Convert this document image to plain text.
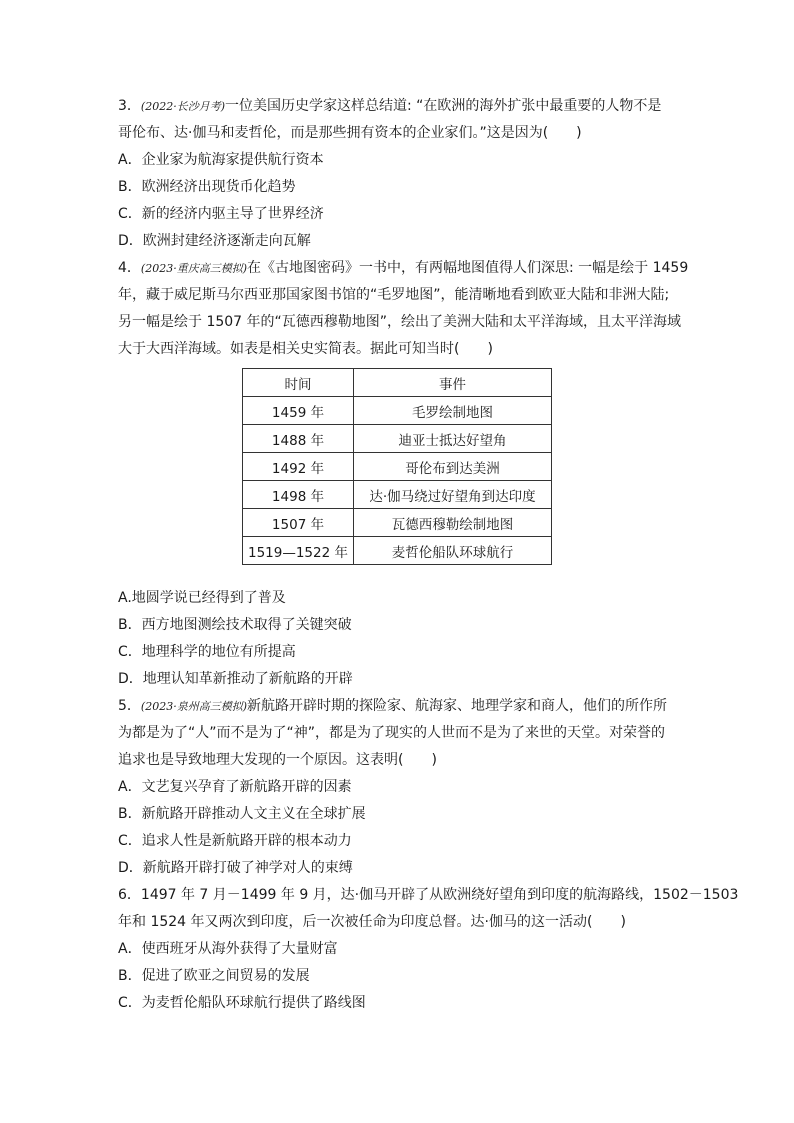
3．(2022·长沙月考)一位美国历史学家这样总结道: “在欧洲的海外扩张中最重要的人物不是
哥伦布、达·伽马和麦哲伦，而是那些拥有资本的企业家们。”这是因为(　　)
A．企业家为航海家提供航行资本
B．欧洲经济出现货币化趋势
C．新的经济内驱主导了世界经济
D．欧洲封建经济逐渐走向瓦解
4．(2023·重庆高三模拟)在《古地图密码》一书中，有两幅地图值得人们深思: 一幅是绘于 1459
年，藏于威尼斯马尔西亚那国家图书馆的“毛罗地图”，能清晰地看到欧亚大陆和非洲大陆;
另一幅是绘于 1507 年的“瓦德西穆勒地图”，绘出了美洲大陆和太平洋海域，且太平洋海域
大于大西洋海域。如表是相关史实简表。据此可知当时(　　)
时间	事件
1459 年	毛罗绘制地图
1488 年	迪亚士抵达好望角
1492 年	哥伦布到达美洲
1498 年	达·伽马绕过好望角到达印度
1507 年	瓦德西穆勒绘制地图
1519—1522 年	麦哲伦船队环球航行
A.地圆学说已经得到了普及
B．西方地图测绘技术取得了关键突破
C．地理科学的地位有所提高
D．地理认知革新推动了新航路的开辟
5．(2023·泉州高三模拟)新航路开辟时期的探险家、航海家、地理学家和商人，他们的所作所
为都是为了“人”而不是为了“神”，都是为了现实的人世而不是为了来世的天堂。对荣誉的
追求也是导致地理大发现的一个原因。这表明(　　)
A．文艺复兴孕育了新航路开辟的因素
B．新航路开辟推动人文主义在全球扩展
C．追求人性是新航路开辟的根本动力
D．新航路开辟打破了神学对人的束缚
6．1497 年 7 月－1499 年 9 月，达·伽马开辟了从欧洲绕好望角到印度的航海路线，1502－1503
年和 1524 年又两次到印度，后一次被任命为印度总督。达·伽马的这一活动(　　)
A．使西班牙从海外获得了大量财富
B．促进了欧亚之间贸易的发展
C．为麦哲伦船队环球航行提供了路线图
